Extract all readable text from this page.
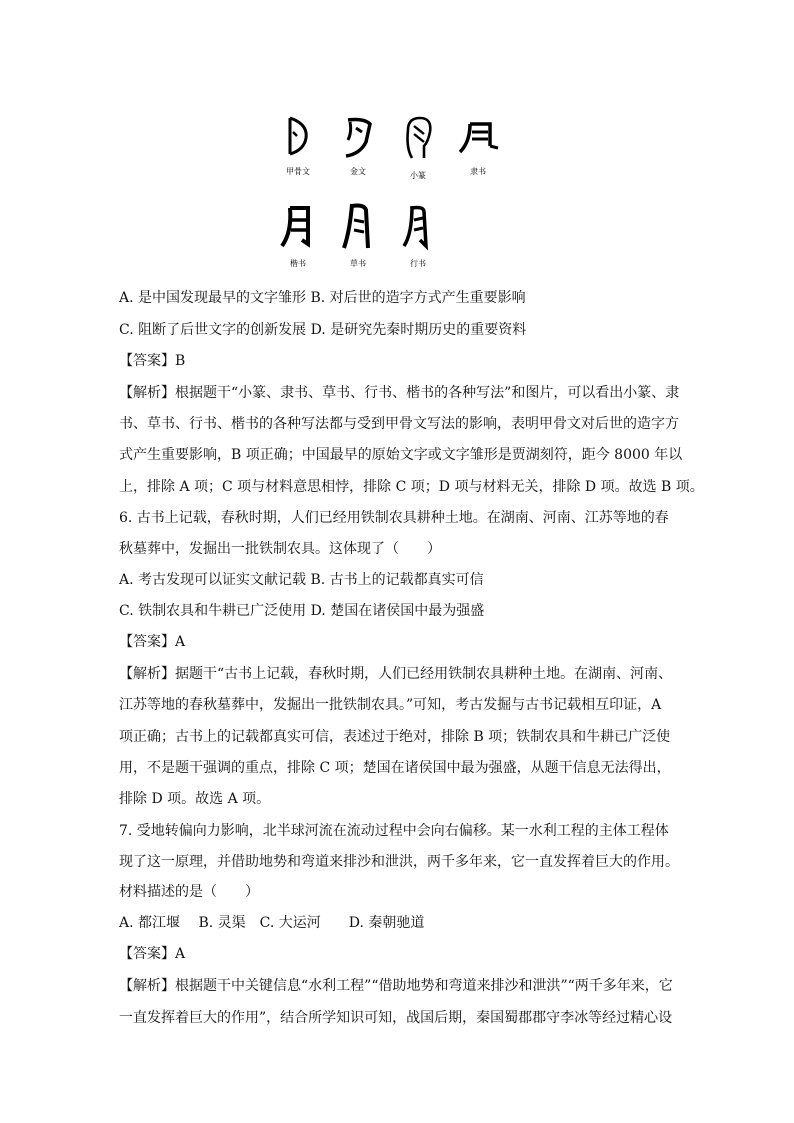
甲骨文	金文	小篆	隶书
楷书	草书	行书
A. 是中国发现最早的文字雏形 B. 对后世的造字方式产生重要影响
C. 阻断了后世文字的创新发展 D. 是研究先秦时期历史的重要资料
【答案】B
【解析】根据题干“小篆、隶书、草书、行书、楷书的各种写法”和图片，可以看出小篆、隶
书、草书、行书、楷书的各种写法都与受到甲骨文写法的影响，表明甲骨文对后世的造字方
式产生重要影响，B 项正确；中国最早的原始文字或文字雏形是贾湖刻符，距今 8000 年以
上，排除 A 项；C 项与材料意思相悖，排除 C 项；D 项与材料无关，排除 D 项。故选 B 项。
6. 古书上记载，春秋时期，人们已经用铁制农具耕种土地。在湖南、河南、江苏等地的春
秋墓葬中，发掘出一批铁制农具。这体现了（　　）
A. 考古发现可以证实文献记载 B. 古书上的记载都真实可信
C. 铁制农具和牛耕已广泛使用 D. 楚国在诸侯国中最为强盛
【答案】A
【解析】据题干“古书上记载，春秋时期，人们已经用铁制农具耕种土地。在湖南、河南、
江苏等地的春秋墓葬中，发掘出一批铁制农具。”可知，考古发掘与古书记载相互印证，A
项正确；古书上的记载都真实可信，表述过于绝对，排除 B 项；铁制农具和牛耕已广泛使
用，不是题干强调的重点，排除 C 项；楚国在诸侯国中最为强盛，从题干信息无法得出，
排除 D 项。故选 A 项。
7. 受地转偏向力影响，北半球河流在流动过程中会向右偏移。某一水利工程的主体工程体
现了这一原理，并借助地势和弯道来排沙和泄洪，两千多年来，它一直发挥着巨大的作用。
材料描述的是（　　）
A. 都江堰　 B. 灵渠　C. 大运河　　D. 秦朝驰道
【答案】A
【解析】根据题干中关键信息“水利工程”“借助地势和弯道来排沙和泄洪”“两千多年来，它
一直发挥着巨大的作用”，结合所学知识可知，战国后期，秦国蜀郡郡守李冰等经过精心设
